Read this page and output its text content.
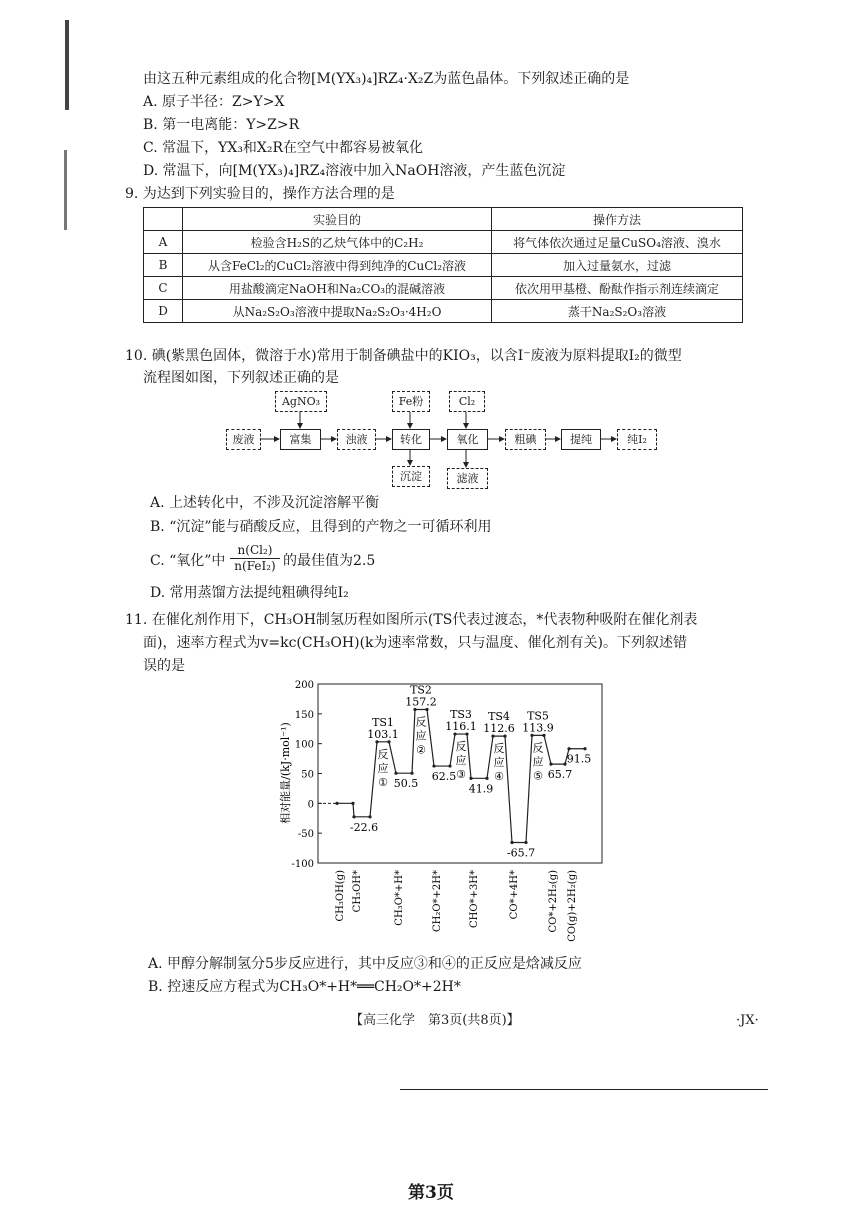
由这五种元素组成的化合物[M(YX₃)₄]RZ₄·X₂Z为蓝色晶体。下列叙述正确的是
A. 原子半径：Z>Y>X
B. 第一电离能：Y>Z>R
C. 常温下，YX₃和X₂R在空气中都容易被氧化
D. 常温下，向[M(YX₃)₄]RZ₄溶液中加入NaOH溶液，产生蓝色沉淀
9. 为达到下列实验目的，操作方法合理的是
	实验目的	操作方法
A	检验含H₂S的乙炔气体中的C₂H₂	将气体依次通过足量CuSO₄溶液、溴水
B	从含FeCl₂的CuCl₂溶液中得到纯净的CuCl₂溶液	加入过量氨水，过滤
C	用盐酸滴定NaOH和Na₂CO₃的混碱溶液	依次用甲基橙、酚酞作指示剂连续滴定
D	从Na₂S₂O₃溶液中提取Na₂S₂O₃·4H₂O	蒸干Na₂S₂O₃溶液
10. 碘(紫黑色固体，微溶于水)常用于制备碘盐中的KIO₃，以含I⁻废液为原料提取I₂的微型
流程图如图，下列叙述正确的是
废液	富集	浊液	转化	氧化	粗碘	提纯	纯I₂
AgNO₃	Fe粉	Cl₂
沉淀	滤液
A. 上述转化中，不涉及沉淀溶解平衡
B. “沉淀”能与硝酸反应，且得到的产物之一可循环利用
C. “氧化”中
n(Cl₂)
n(FeI₂) 的最佳值为2.5
D. 常用蒸馏方法提纯粗碘得纯I₂
11. 在催化剂作用下，CH₃OH制氢历程如图所示(TS代表过渡态，*代表物种吸附在催化剂表
面)，速率方程式为v=kc(CH₃OH)(k为速率常数，只与温度、催化剂有关)。下列叙述错
误的是
相对能量/(kJ·mol⁻¹)
200
150
100
50
0
-50
-100
-22.6
50.5
62.5
41.9
-65.7
65.7
91.5
TS1
103.1
反
应
①
TS2
157.2
反
应
②
TS3
116.1
反
应
③
TS4
112.6
反
应
④
TS5
113.9
反
应
⑤
CH₃OH(g) CH₃OH*	CH₃O*+H*	CH₂O*+2H*	CHO*+3H*	CO*+4H*	CO*+2H₂(g) CO(g)+2H₂(g)
A. 甲醇分解制氢分5步反应进行，其中反应③和④的正反应是焓减反应
B. 控速反应方程式为CH₃O*+H*══CH₂O*+2H*
【高三化学　第3页(共8页)】	·JX·
第3页
